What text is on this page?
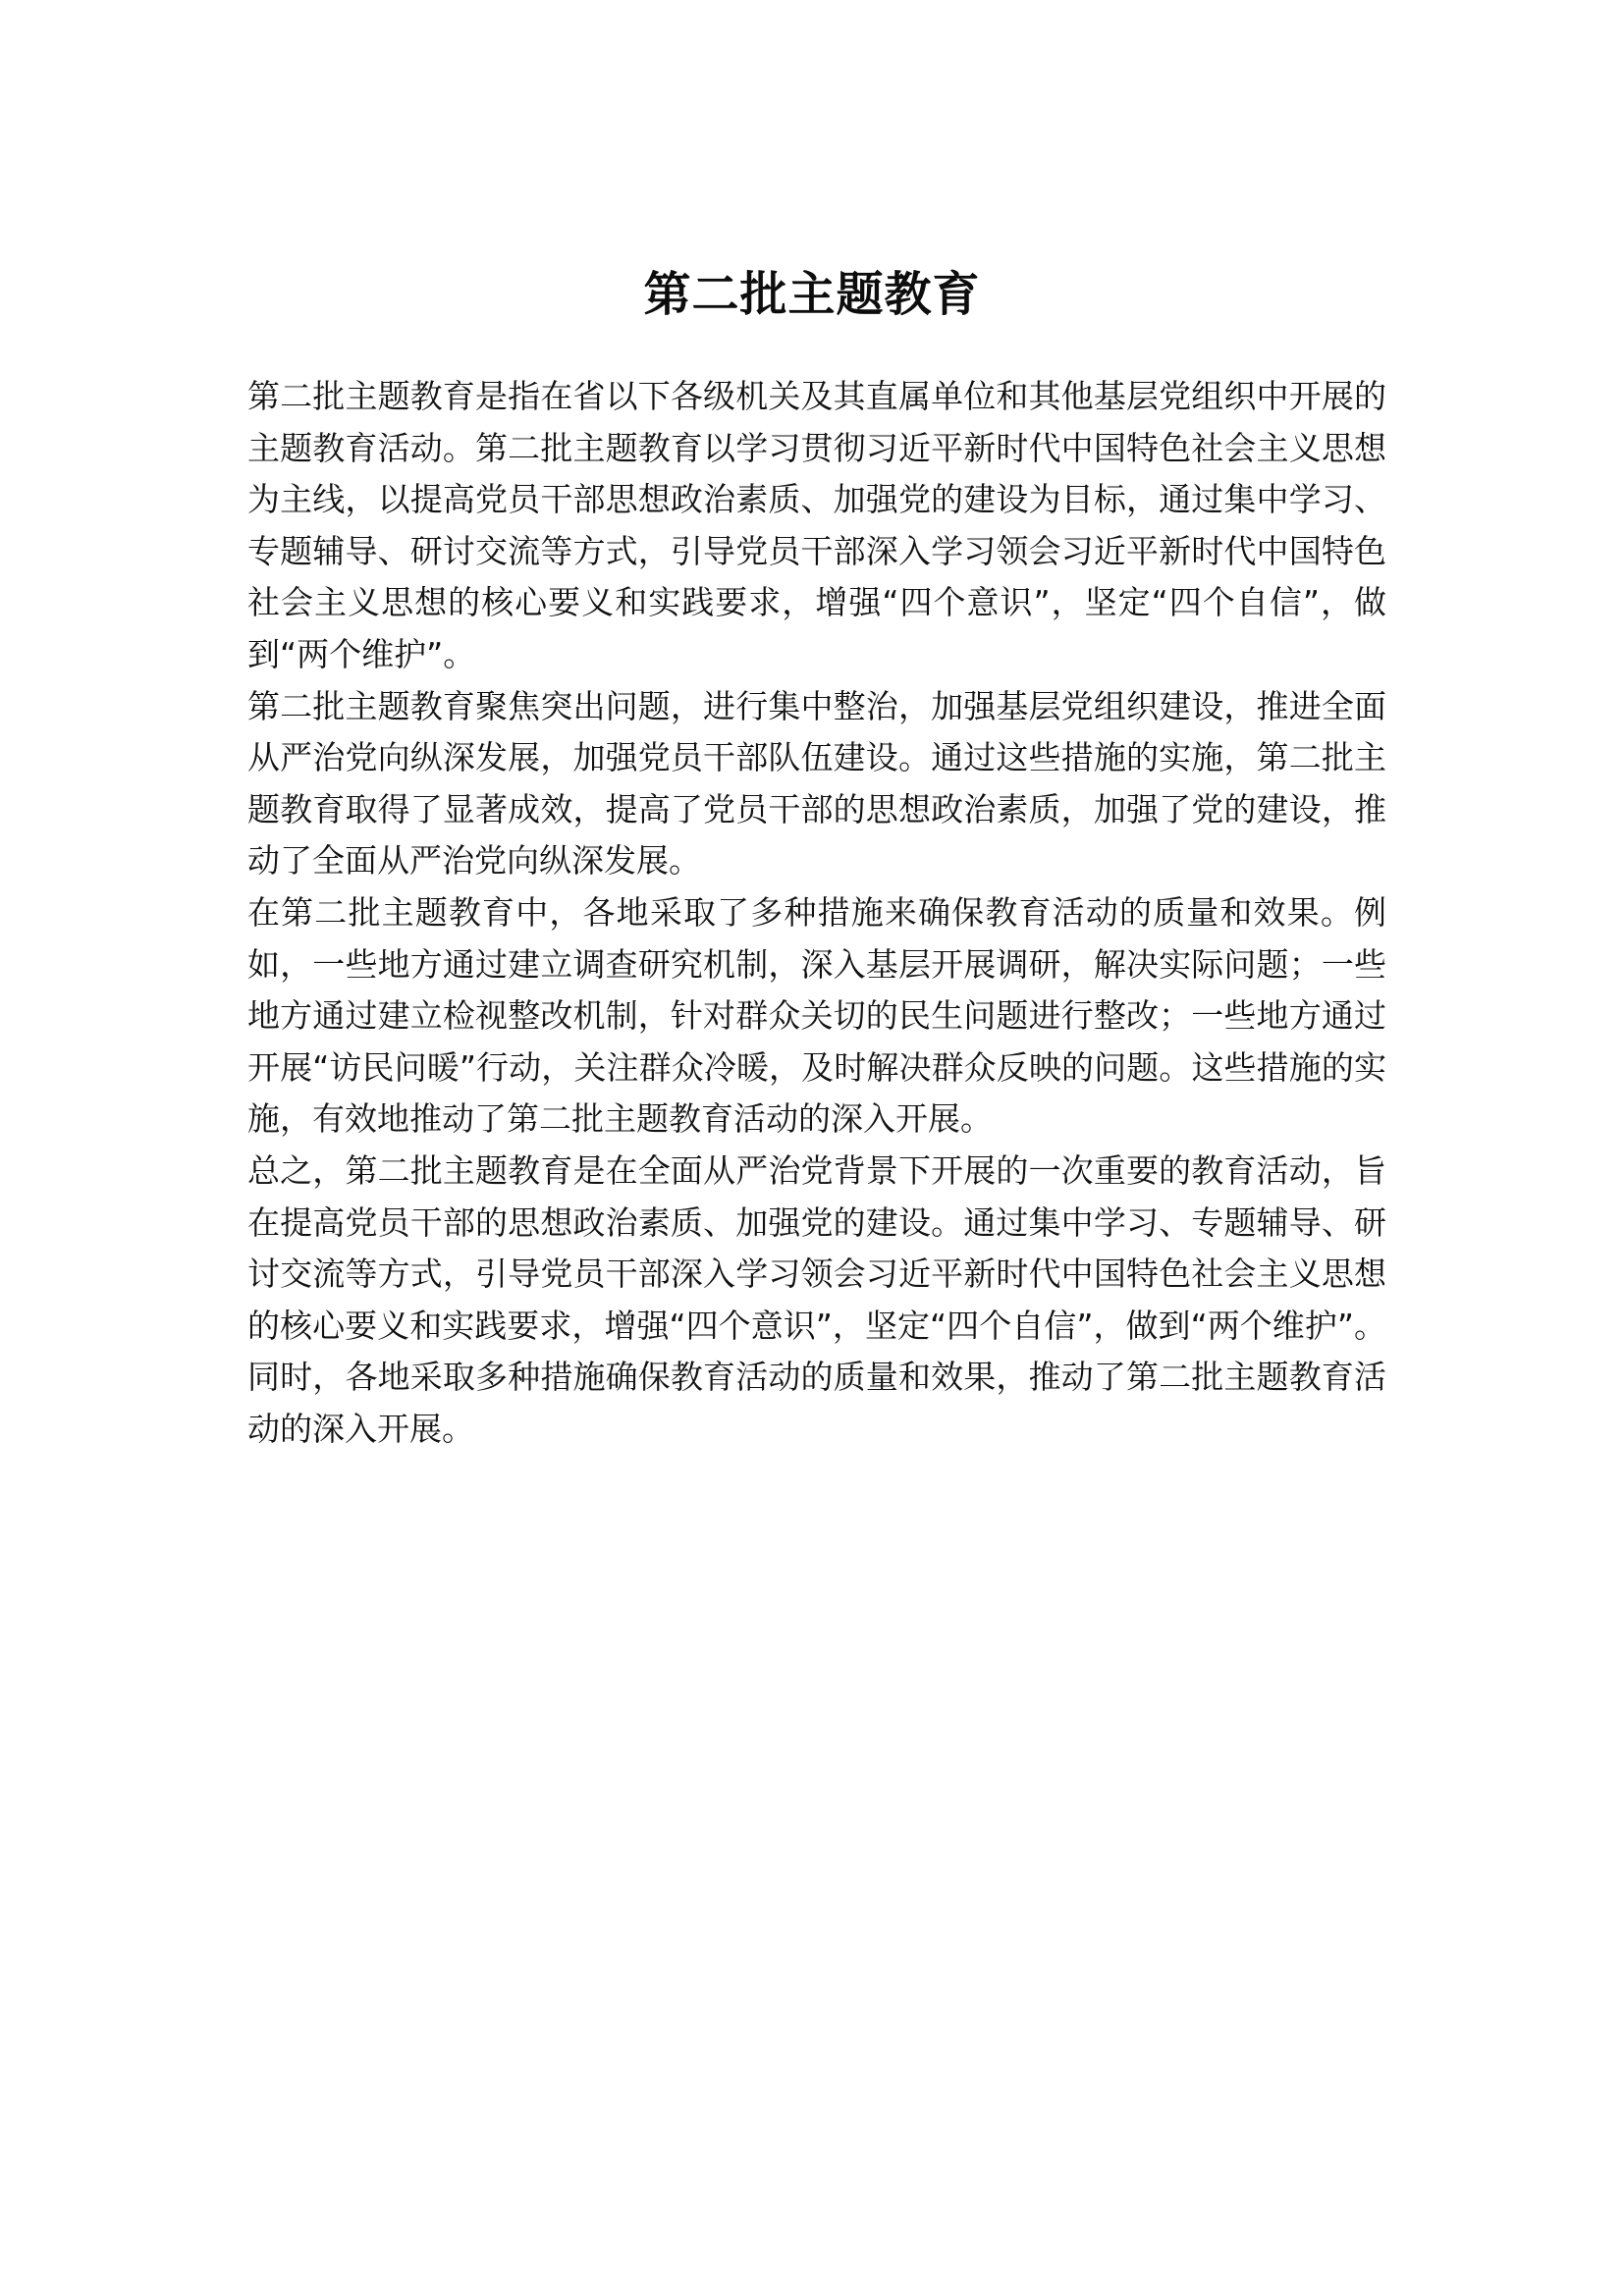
第二批主题教育

第二批主题教育是指在省以下各级机关及其直属单位和其他基层党组织中开展的主题教育活动。第二批主题教育以学习贯彻习近平新时代中国特色社会主义思想为主线，以提高党员干部思想政治素质、加强党的建设为目标，通过集中学习、专题辅导、研讨交流等方式，引导党员干部深入学习领会习近平新时代中国特色社会主义思想的核心要义和实践要求，增强“四个意识”，坚定“四个自信”，做到“两个维护”。

第二批主题教育聚焦突出问题，进行集中整治，加强基层党组织建设，推进全面从严治党向纵深发展，加强党员干部队伍建设。通过这些措施的实施，第二批主题教育取得了显著成效，提高了党员干部的思想政治素质，加强了党的建设，推动了全面从严治党向纵深发展。

在第二批主题教育中，各地采取了多种措施来确保教育活动的质量和效果。例如，一些地方通过建立调查研究机制，深入基层开展调研，解决实际问题；一些地方通过建立检视整改机制，针对群众关切的民生问题进行整改；一些地方通过开展“访民问暖”行动，关注群众冷暖，及时解决群众反映的问题。这些措施的实施，有效地推动了第二批主题教育活动的深入开展。

总之，第二批主题教育是在全面从严治党背景下开展的一次重要的教育活动，旨在提高党员干部的思想政治素质、加强党的建设。通过集中学习、专题辅导、研讨交流等方式，引导党员干部深入学习领会习近平新时代中国特色社会主义思想的核心要义和实践要求，增强“四个意识”，坚定“四个自信”，做到“两个维护”。同时，各地采取多种措施确保教育活动的质量和效果，推动了第二批主题教育活动的深入开展。
